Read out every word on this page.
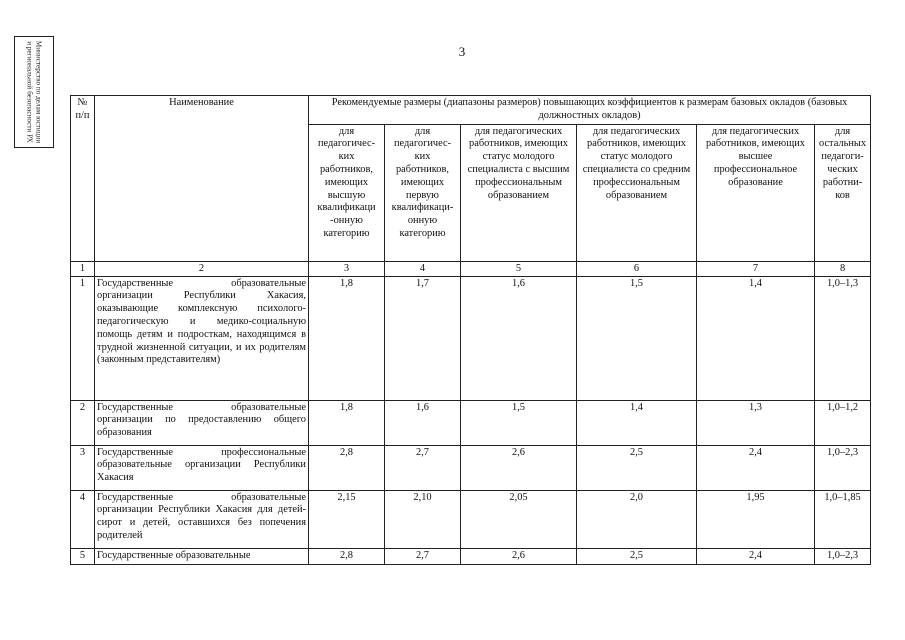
3
Министерство по делам юстиции и региональной безопасности РХ	№ п/п	Наименование	Рекомендуемые размеры (диапазоны размеров) повышающих коэффициентов к размерам базовых окладов (базовых должностных окладов)					
		для педагогичес-ких работников, имеющих высшую квалификаци -онную категорию	для педагогичес-ких работников, имеющих первую квалификаци-онную категорию	для педагогических работников, имеющих статус молодого специалиста с высшим профессиональным образованием	для педагогических работников, имеющих статус молодого специалиста со средним профессиональным образованием	для педагогических работников, имеющих высшее профессиональное образование	для остальных педагоги-ческих работни-ков
1	2	3	4	5	6	7	8
1	Государственные образовательные организации Республики Хакасия, оказывающие комплексную психолого-педагогическую и медико-социальную помощь детям и подросткам, находящимся в трудной жизненной ситуации, и их родителям (законным представителям)	1,8	1,7	1,6	1,5	1,4	1,0–1,3
2	Государственные образовательные организации по предоставлению общего образования	1,8	1,6	1,5	1,4	1,3	1,0–1,2
3	Государственные профессиональные образовательные организации Республики Хакасия	2,8	2,7	2,6	2,5	2,4	1,0–2,3
4	Государственные образовательные организации Республики Хакасия для детей-сирот и детей, оставшихся без попечения родителей	2,15	2,10	2,05	2,0	1,95	1,0–1,85
5	Государственные образовательные	2,8	2,7	2,6	2,5	2,4	1,0–2,3
